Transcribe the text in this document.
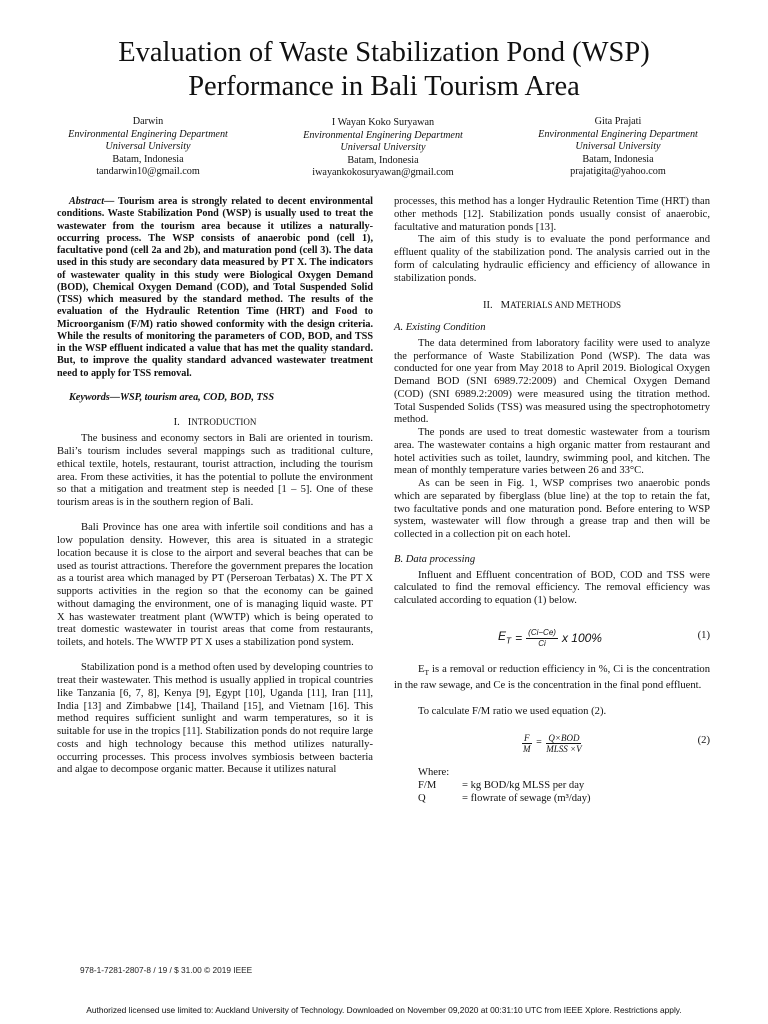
Evaluation of Waste Stabilization Pond (WSP)
Performance in Bali Tourism Area
Darwin
Environmental Enginering Department
Universal University
Batam, Indonesia
tandarwin10@gmail.com
I Wayan Koko Suryawan
Environmental Enginering Department
Universal University
Batam, Indonesia
iwayankokosuryawan@gmail.com
Gita Prajati
Environmental Enginering Department
Universal University
Batam, Indonesia
prajatigita@yahoo.com

Abstract— Tourism area is strongly related to decent environmental conditions. Waste Stabilization Pond (WSP) is usually used to treat the wastewater from the tourism area because it utilizes a naturally-occurring process. The WSP consists of anaerobic pond (cell 1), facultative pond (cell 2a and 2b), and maturation pond (cell 3). The data used in this study are secondary data measured by PT X. The indicators of wastewater quality in this study were Biological Oxygen Demand (BOD), Chemical Oxygen Demand (COD), and Total Suspended Solid (TSS) which measured by the standard method. The results of the evaluation of the Hydraulic Retention Time (HRT) and Food to Microorganism (F/M) ratio showed conformity with the design criteria. While the results of monitoring the parameters of COD, BOD, and TSS in the WSP effluent indicated a value that has met the quality standard. But, to improve the quality standard advanced wastewater treatment need to apply for TSS removal.

Keywords—WSP, tourism area, COD, BOD, TSS

I. INTRODUCTION

The business and economy sectors in Bali are oriented in tourism. Bali’s tourism includes several mappings such as traditional culture, ethical textile, hotels, restaurant, tourist attraction, including the tourism area. From these activities, it has the potential to pollute the environment so that a mitigation and treatment step is needed [1 – 5]. One of these tourism areas is in the southern region of Bali.

Bali Province has one area with infertile soil conditions and has a low population density. However, this area is situated in a strategic location because it is close to the airport and several beaches that can be used as tourist attractions. Therefore the government prepares the location as a tourist area which managed by PT (Perseroan Terbatas) X. The PT X supports activities in the region so that the economy can be gained without damaging the environment, one of is managing liquid waste. PT X has wastewater treatment plant (WWTP) which is being operated to treat domestic wastewater in tourist areas that come from restaurants, toilets, and hotels. The WWTP PT X uses a stabilization pond system.

Stabilization pond is a method often used by developing countries to treat their wastewater. This method is usually applied in tropical countries like Tanzania [6, 7, 8], Kenya [9], Egypt [10], Uganda [11], Iran [11], India [13] and Zimbabwe [14], Thailand [15], and Vietnam [16]. This method requires sufficient sunlight and warm temperatures, so it is suitable for use in the tropics [11]. Stabilization ponds do not require large costs and high technology because this method utilizes naturally-occurring processes. This process involves symbiosis between bacteria and algae to decompose organic matter. Because it utilizes natural

processes, this method has a longer Hydraulic Retention Time (HRT) than other methods [12]. Stabilization ponds usually consist of anaerobic, facultative and maturation ponds [13].

The aim of this study is to evaluate the pond performance and effluent quality of the stabilization pond. The analysis carried out in the form of calculating hydraulic efficiency and efficiency of allowance in stabilization ponds.

II. MATERIALS AND METHODS
A. Existing Condition

The data determined from laboratory facility were used to analyze the performance of Waste Stabilization Pond (WSP). The data was conducted for one year from May 2018 to April 2019. Biological Oxygen Demand BOD (SNI 6989.72:2009) and Chemical Oxygen Demand (COD) (SNI 6989.2:2009) were measured using the titration method. Total Suspended Solids (TSS) was measured using the spectrophotometry method.

The ponds are used to treat domestic wastewater from a tourism area. The wastewater contains a high organic matter from restaurant and hotel activities such as toilet, laundry, swimming pool, and kitchen. The mean of monthly temperature varies between 26 and 33°C.

As can be seen in Fig. 1, WSP comprises two anaerobic ponds which are separated by fiberglass (blue line) at the top to retain the fat, two facultative ponds and one maturation pond. Before entering to WSP system, wastewater will flow through a grease trap and then will be collected in a collection pit on each hotel.

B. Data processing

Influent and Effluent concentration of BOD, COD and TSS were calculated to find the removal efficiency. The removal efficiency was calculated according to equation (1) below.

$E_T = \frac{(Ci-Ce)}{Ci}$ x 100%	(1)

$E_T$ is a removal or reduction efficiency in %, Ci is the concentration in the raw sewage, and Ce is the concentration in the final pond effluent.

To calculate F/M ratio we used equation (2).

$\frac{F}{M} = \frac{\text{Q×BOD}}{\text{MLSS ×V}}$	(2)
Where:
F/M	= kg BOD/kg MLSS per day
Q	= flowrate of sewage (m³/day)
978-1-7281-2807-8 / 19 / $ 31.00 © 2019 IEEE
Authorized licensed use limited to: Auckland University of Technology. Downloaded on November 09,2020 at 00:31:10 UTC from IEEE Xplore. Restrictions apply.
